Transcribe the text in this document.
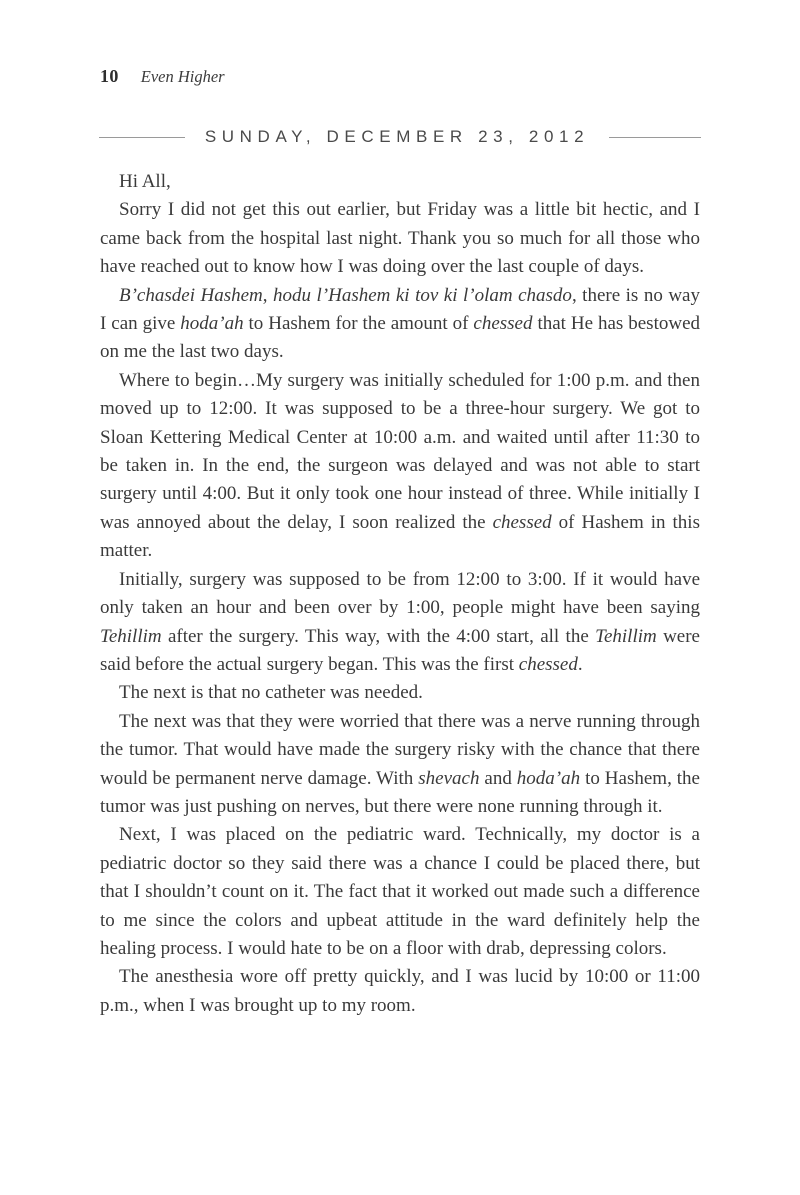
10 Even Higher
SUNDAY, DECEMBER 23, 2012

Hi All,

Sorry I did not get this out earlier, but Friday was a little bit hectic, and I came back from the hospital last night. Thank you so much for all those who have reached out to know how I was doing over the last couple of days.

B’chasdei Hashem, hodu l’Hashem ki tov ki l’olam chasdo, there is no way I can give hoda’ah to Hashem for the amount of chessed that He has bestowed on me the last two days.

Where to begin…My surgery was initially scheduled for 1:00 p.m. and then moved up to 12:00. It was supposed to be a three-hour surgery. We got to Sloan Kettering Medical Center at 10:00 a.m. and waited until after 11:30 to be taken in. In the end, the surgeon was delayed and was not able to start surgery until 4:00. But it only took one hour instead of three. While initially I was annoyed about the delay, I soon realized the chessed of Hashem in this matter.

Initially, surgery was supposed to be from 12:00 to 3:00. If it would have only taken an hour and been over by 1:00, people might have been saying Tehillim after the surgery. This way, with the 4:00 start, all the Tehillim were said before the actual surgery began. This was the first chessed.

The next is that no catheter was needed.

The next was that they were worried that there was a nerve running through the tumor. That would have made the surgery risky with the chance that there would be permanent nerve damage. With shevach and hoda’ah to Hashem, the tumor was just pushing on nerves, but there were none running through it.

Next, I was placed on the pediatric ward. Technically, my doctor is a pediatric doctor so they said there was a chance I could be placed there, but that I shouldn’t count on it. The fact that it worked out made such a difference to me since the colors and upbeat attitude in the ward definitely help the healing process. I would hate to be on a floor with drab, depressing colors.

The anesthesia wore off pretty quickly, and I was lucid by 10:00 or 11:00 p.m., when I was brought up to my room.
